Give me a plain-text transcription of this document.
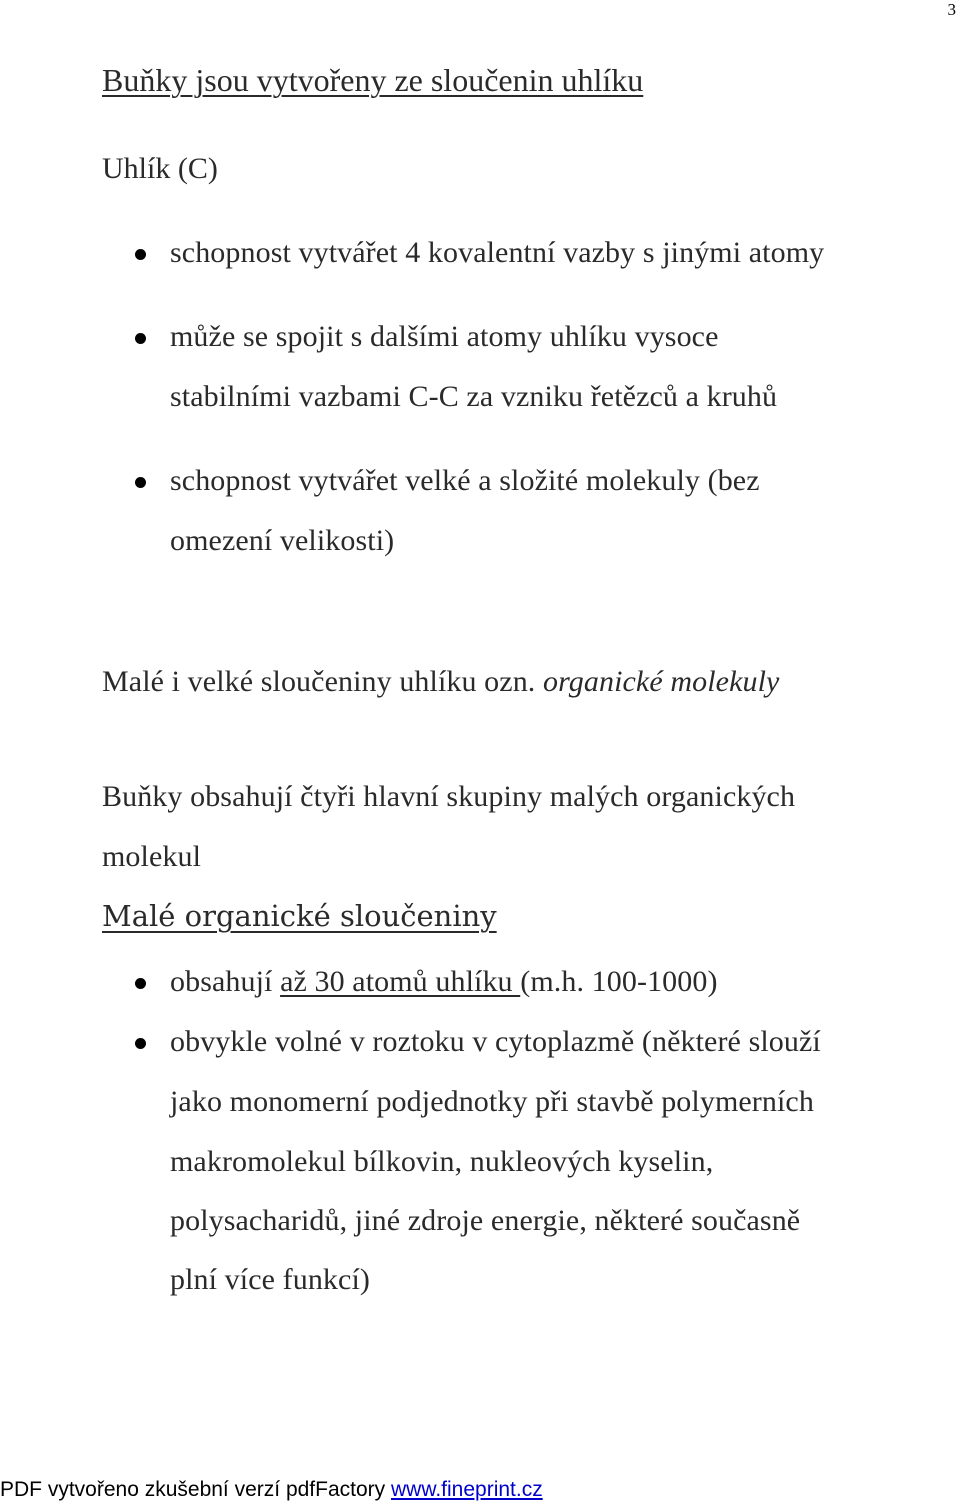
3
Buňky jsou vytvořeny ze sloučenin uhlíku
Uhlík (C)
schopnost vytvářet 4 kovalentní vazby s jinými atomy
může se spojit s dalšími atomy uhlíku vysoce
stabilními vazbami C-C za vzniku řetězců a kruhů
schopnost vytvářet velké a složité molekuly (bez
omezení velikosti)
Malé i velké sloučeniny uhlíku ozn. organické molekuly
Buňky obsahují čtyři hlavní skupiny malých organických
molekul
Malé organické sloučeniny
obsahují až 30 atomů uhlíku (m.h. 100-1000)
obvykle volné v roztoku v cytoplazmě (některé slouží
jako monomerní podjednotky při stavbě polymerních
makromolekul bílkovin, nukleových kyselin,
polysacharidů, jiné zdroje energie, některé současně
plní více funkcí)
PDF vytvořeno zkušební verzí pdfFactory www.fineprint.cz
